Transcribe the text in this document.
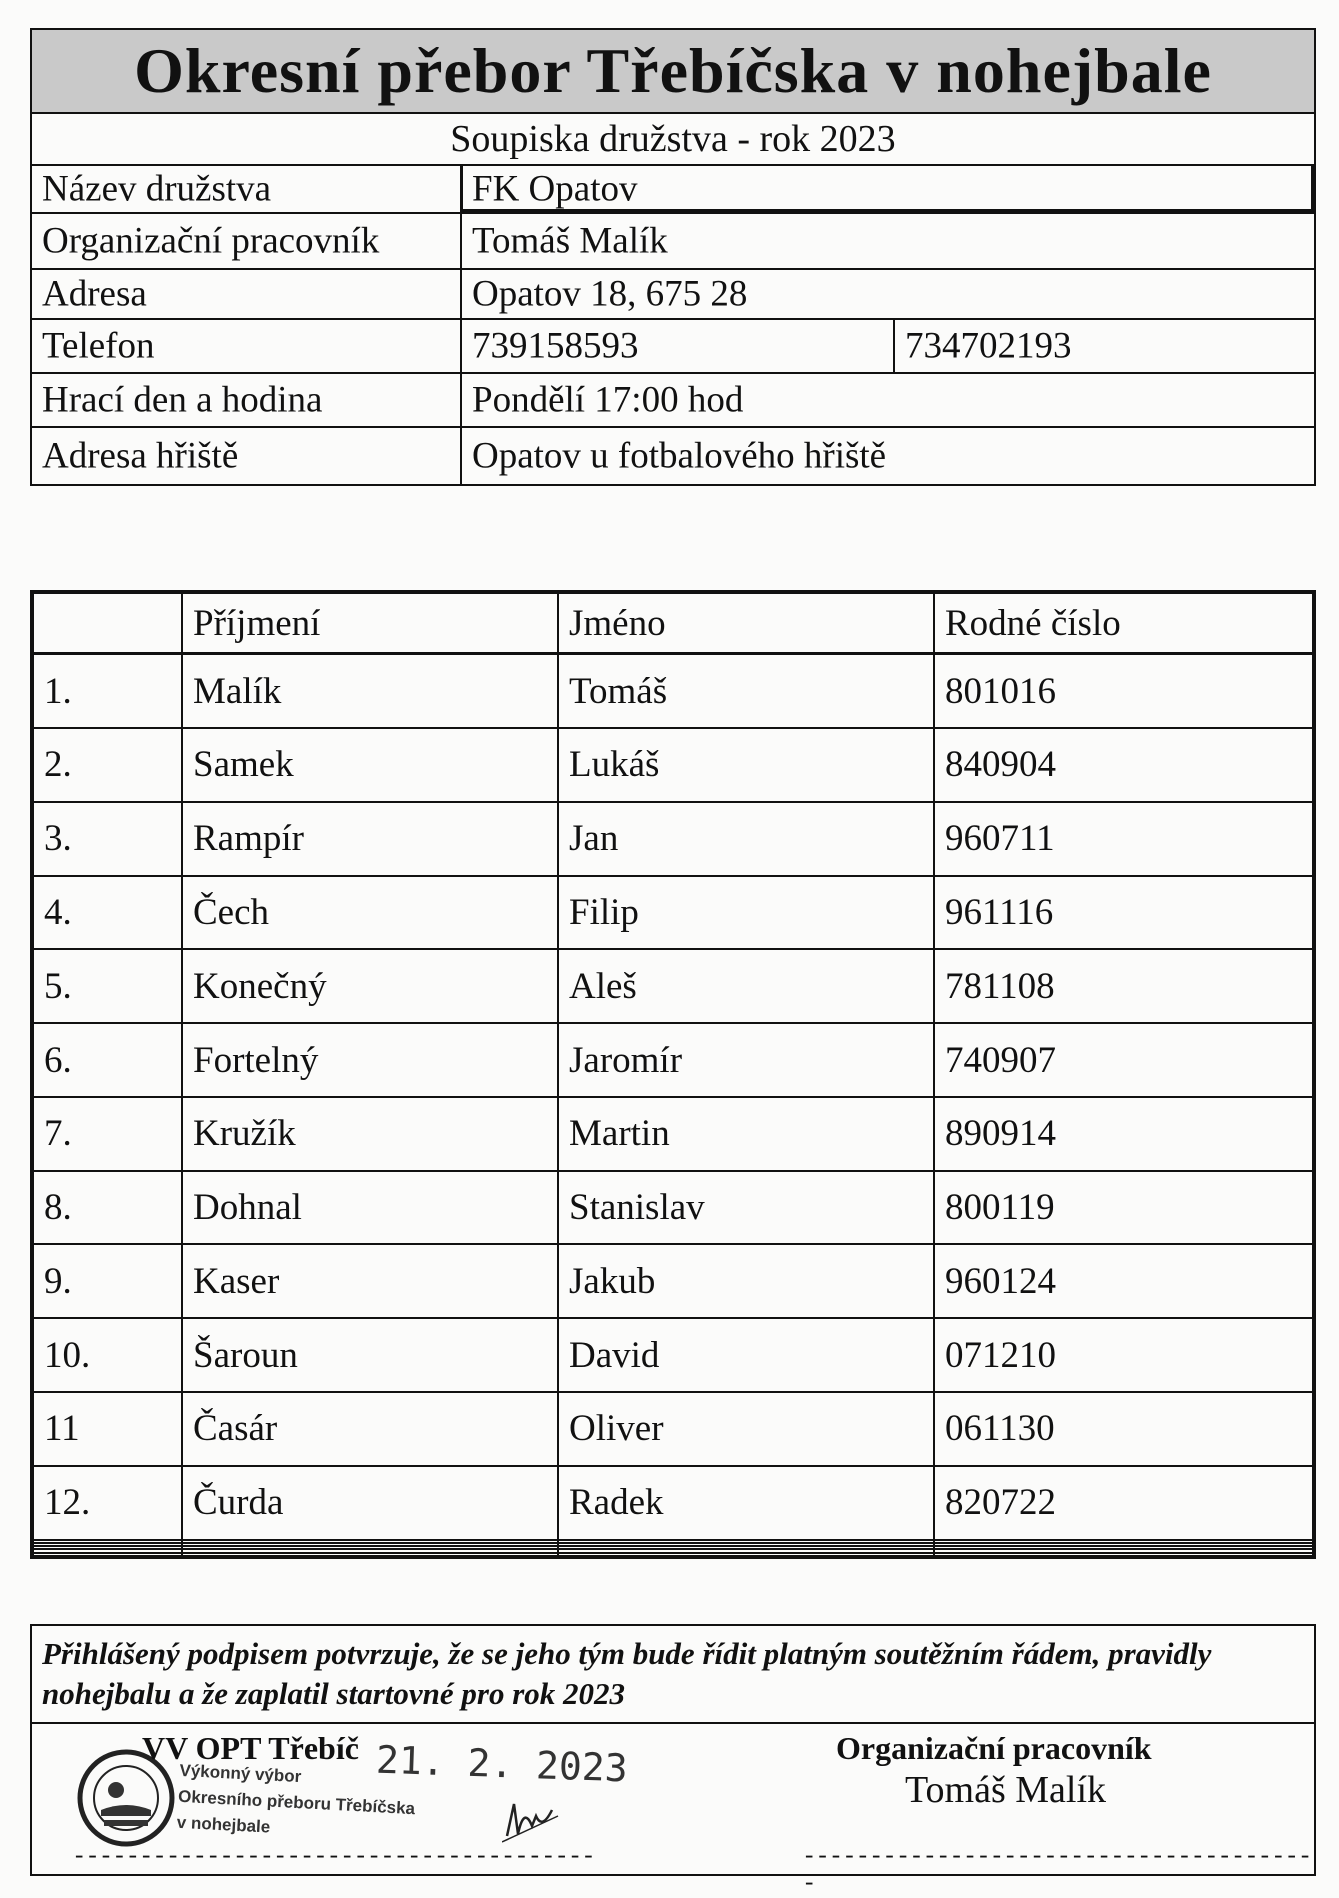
Okresní přebor Třebíčska v nohejbale
Soupiska družstva - rok 2023
Název družstva	FK Opatov
Organizační pracovník	Tomáš Malík
Adresa	Opatov 18, 675 28
Telefon	739158593	734702193
Hrací den a hodina	Pondělí 17:00 hod
Adresa hřiště	Opatov u fotbalového hřiště
	Příjmení	Jméno	Rodné číslo
1.	Malík	Tomáš	801016
2.	Samek	Lukáš	840904
3.	Rampír	Jan	960711
4.	Čech	Filip	961116
5.	Konečný	Aleš	781108
6.	Fortelný	Jaromír	740907
7.	Kružík	Martin	890914
8.	Dohnal	Stanislav	800119
9.	Kaser	Jakub	960124
10.	Šaroun	David	071210
11	Časár	Oliver	061130
12.	Čurda	Radek	820722

Přihlášený podpisem potvrzuje, že se jeho tým bude řídit platným soutěžním řádem, pravidly nohejbalu a že zaplatil startovné pro rok 2023
Výkonný výbor
Okresního přeboru Třebíčska
v nohejbale
VV OPT Třebíč 21. 2. 2023
---------------------------------------
Organizační pracovník
Tomáš Malík
---------------------------------------
